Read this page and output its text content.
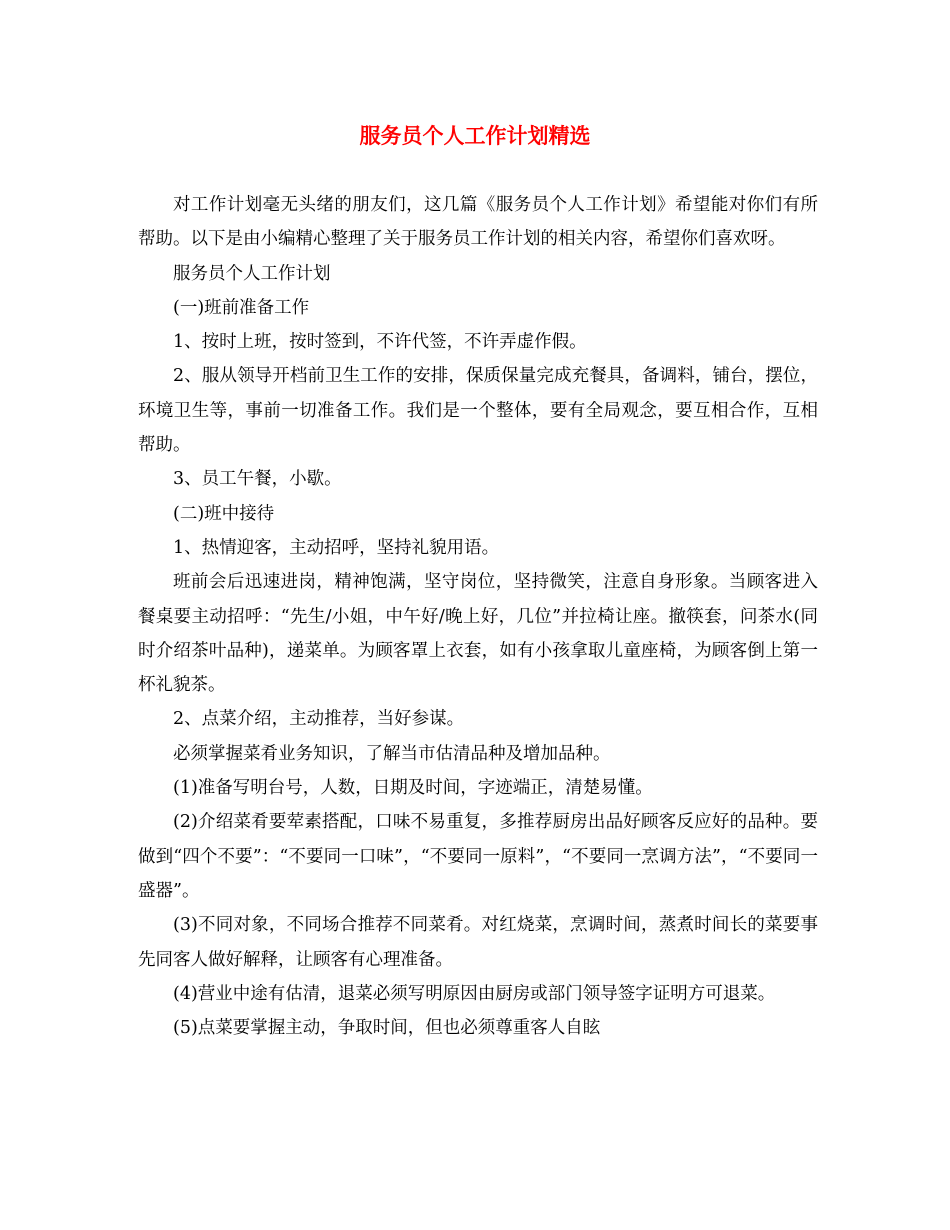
服务员个人工作计划精选

对工作计划毫无头绪的朋友们，这几篇《服务员个人工作计划》希望能对你们有所帮助。以下是由小编精心整理了关于服务员工作计划的相关内容，希望你们喜欢呀。

服务员个人工作计划

(一)班前准备工作

1、按时上班，按时签到，不许代签，不许弄虚作假。

2、服从领导开档前卫生工作的安排，保质保量完成充餐具，备调料，铺台，摆位，环境卫生等，事前一切准备工作。我们是一个整体，要有全局观念，要互相合作，互相帮助。

3、员工午餐，小歇。

(二)班中接待

1、热情迎客，主动招呼，坚持礼貌用语。

班前会后迅速进岗，精神饱满，坚守岗位，坚持微笑，注意自身形象。当顾客进入餐桌要主动招呼：“先生/小姐，中午好/晚上好，几位”并拉椅让座。撤筷套，问茶水(同时介绍茶叶品种)，递菜单。为顾客罩上衣套，如有小孩拿取儿童座椅，为顾客倒上第一杯礼貌茶。

2、点菜介绍，主动推荐，当好参谋。

必须掌握菜肴业务知识，了解当市估清品种及增加品种。

(1)准备写明台号，人数，日期及时间，字迹端正，清楚易懂。

(2)介绍菜肴要荤素搭配，口味不易重复，多推荐厨房出品好顾客反应好的品种。要做到“四个不要”：“不要同一口味”，“不要同一原料”，“不要同一烹调方法”，“不要同一盛器”。

(3)不同对象，不同场合推荐不同菜肴。对红烧菜，烹调时间，蒸煮时间长的菜要事先同客人做好解释，让顾客有心理准备。

(4)营业中途有估清，退菜必须写明原因由厨房或部门领导签字证明方可退菜。

(5)点菜要掌握主动，争取时间，但也必须尊重客人自眩
